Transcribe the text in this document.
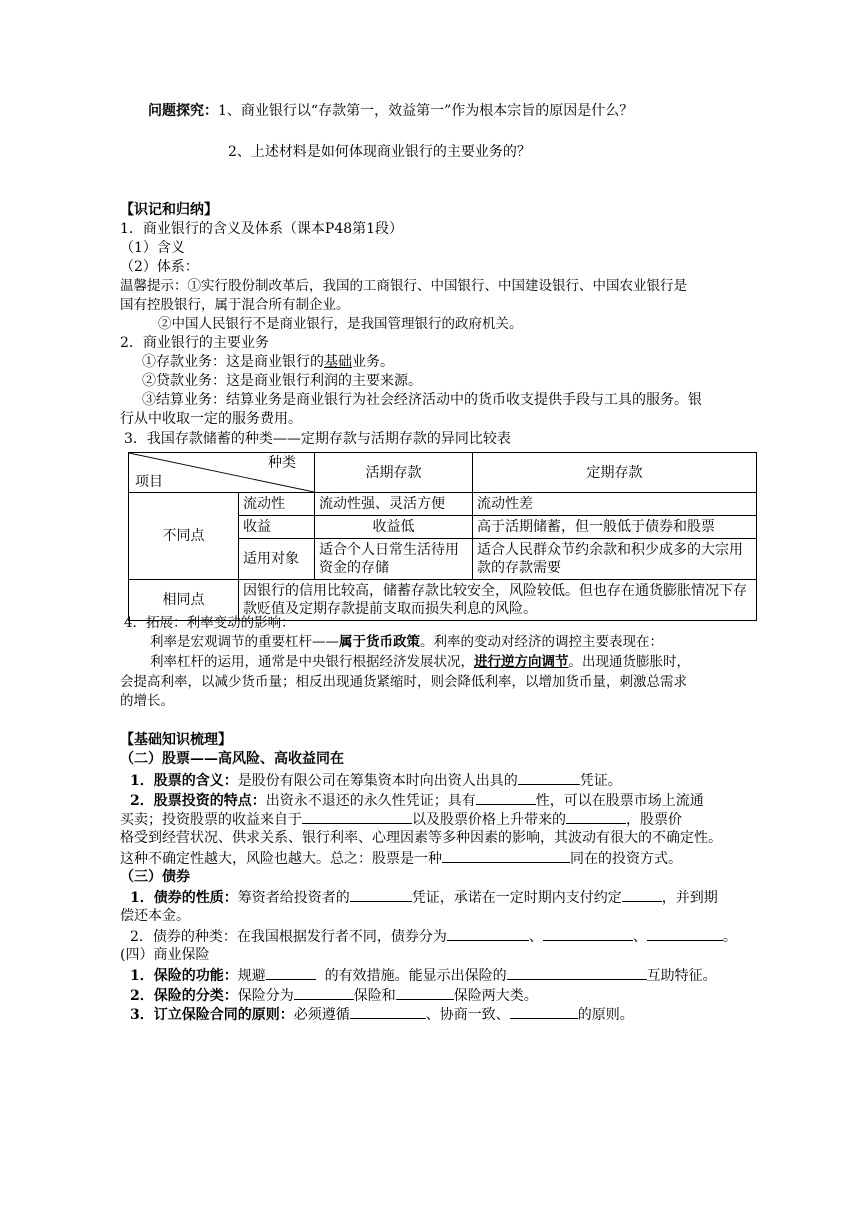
问题探究：1、商业银行以“存款第一，效益第一”作为根本宗旨的原因是什么？
2、上述材料是如何体现商业银行的主要业务的？
【识记和归纳】
1．商业银行的含义及体系（课本P48第1段）
（1）含义
（2）体系：
温馨提示：①实行股份制改革后，我国的工商银行、中国银行、中国建设银行、中国农业银行是
国有控股银行，属于混合所有制企业。
②中国人民银行不是商业银行，是我国管理银行的政府机关。
2．商业银行的主要业务
①存款业务：这是商业银行的基础业务。
②贷款业务：这是商业银行利润的主要来源。
③结算业务：结算业务是商业银行为社会经济活动中的货币收支提供手段与工具的服务。银
行从中收取一定的服务费用。
3．我国存款储蓄的种类——定期存款与活期存款的异同比较表
种类
项目		活期存款	定期存款
不同点	流动性	流动性强、灵活方便	流动性差
	收益	收益低	高于活期储蓄，但一般低于债券和股票
	适用对象	适合个人日常生活待用资金的存储	适合人民群众节约余款和积少成多的大宗用款的存款需要
相同点	因银行的信用比较高，储蓄存款比较安全，风险较低。但也存在通货膨胀情况下存款贬值及定期存款提前支取而损失利息的风险。		
4．拓展：利率变动的影响：
利率是宏观调节的重要杠杆——属于货币政策。利率的变动对经济的调控主要表现在：
利率杠杆的运用，通常是中央银行根据经济发展状况，进行逆方向调节。出现通货膨胀时，
会提高利率，以减少货币量；相反出现通货紧缩时，则会降低利率，以增加货币量，刺激总需求
的增长。
【基础知识梳理】
（二）股票——高风险、高收益同在
1．股票的含义：是股份有限公司在筹集资本时向出资人出具的	凭证。
2．股票投资的特点：出资永不退还的永久性凭证；具有	性，可以在股票市场上流通
买卖；投资股票的收益来自于	以及股票价格上升带来的	，股票价
格受到经营状况、供求关系、银行利率、心理因素等多种因素的影响，其波动有很大的不确定性。
这种不确定性越大，风险也越大。总之：股票是一种	同在的投资方式。
（三）债券
1．债券的性质：筹资者给投资者的	凭证，承诺在一定时期内支付约定	，并到期
偿还本金。
2．债券的种类：在我国根据发行者不同，债券分为	、	、	。
(四）商业保险
1．保险的功能：规避	的有效措施。能显示出保险的	互助特征。
2．保险的分类：保险分为	保险和	保险两大类。
3．订立保险合同的原则：必须遵循	、协商一致、	的原则。
